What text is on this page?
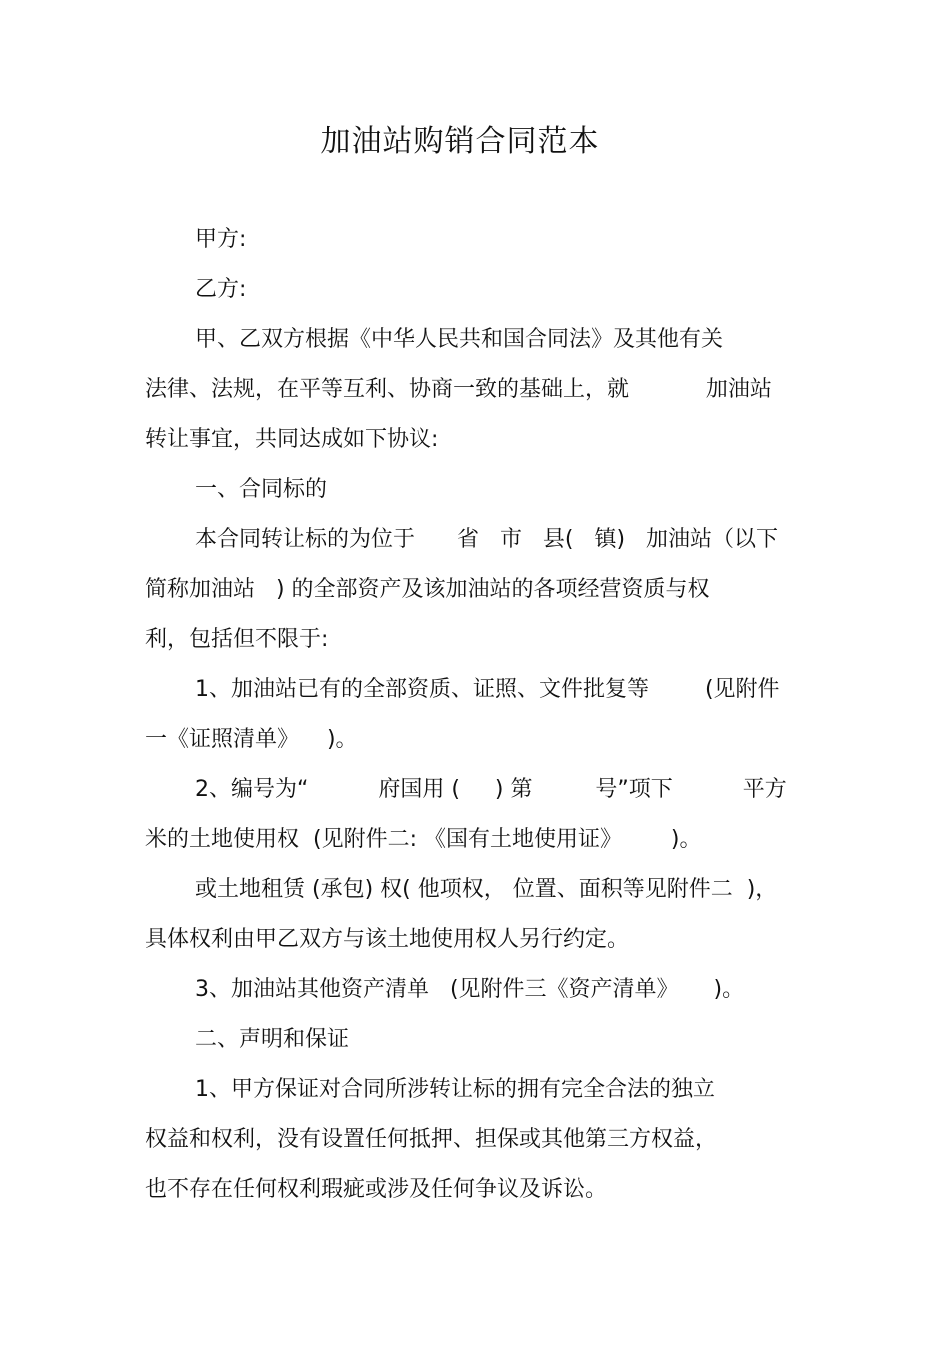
加油站购销合同范本

甲方:

乙方:

甲、乙双方根据《中华人民共和国合同法》及其他有关

法律、法规，在平等互利、协商一致的基础上，就           加油站

转让事宜，共同达成如下协议:

一、合同标的

本合同转让标的为位于      省   市   县(   镇)   加油站（以下

简称加油站   ) 的全部资产及该加油站的各项经营资质与权

利，包括但不限于:

1、加油站已有的全部资质、证照、文件批复等        (见附件

一《证照清单》    )。

2、编号为“          府国用 (     ) 第         号”项下          平方

米的土地使用权  (见附件二: 《国有土地使用证》       )。

或土地租赁 (承包) 权( 他项权， 位置、面积等见附件二  )，

具体权利由甲乙双方与该土地使用权人另行约定。

3、加油站其他资产清单   (见附件三《资产清单》     )。

二、声明和保证

1、甲方保证对合同所涉转让标的拥有完全合法的独立

权益和权利，没有设置任何抵押、担保或其他第三方权益，

也不存在任何权利瑕疵或涉及任何争议及诉讼。
